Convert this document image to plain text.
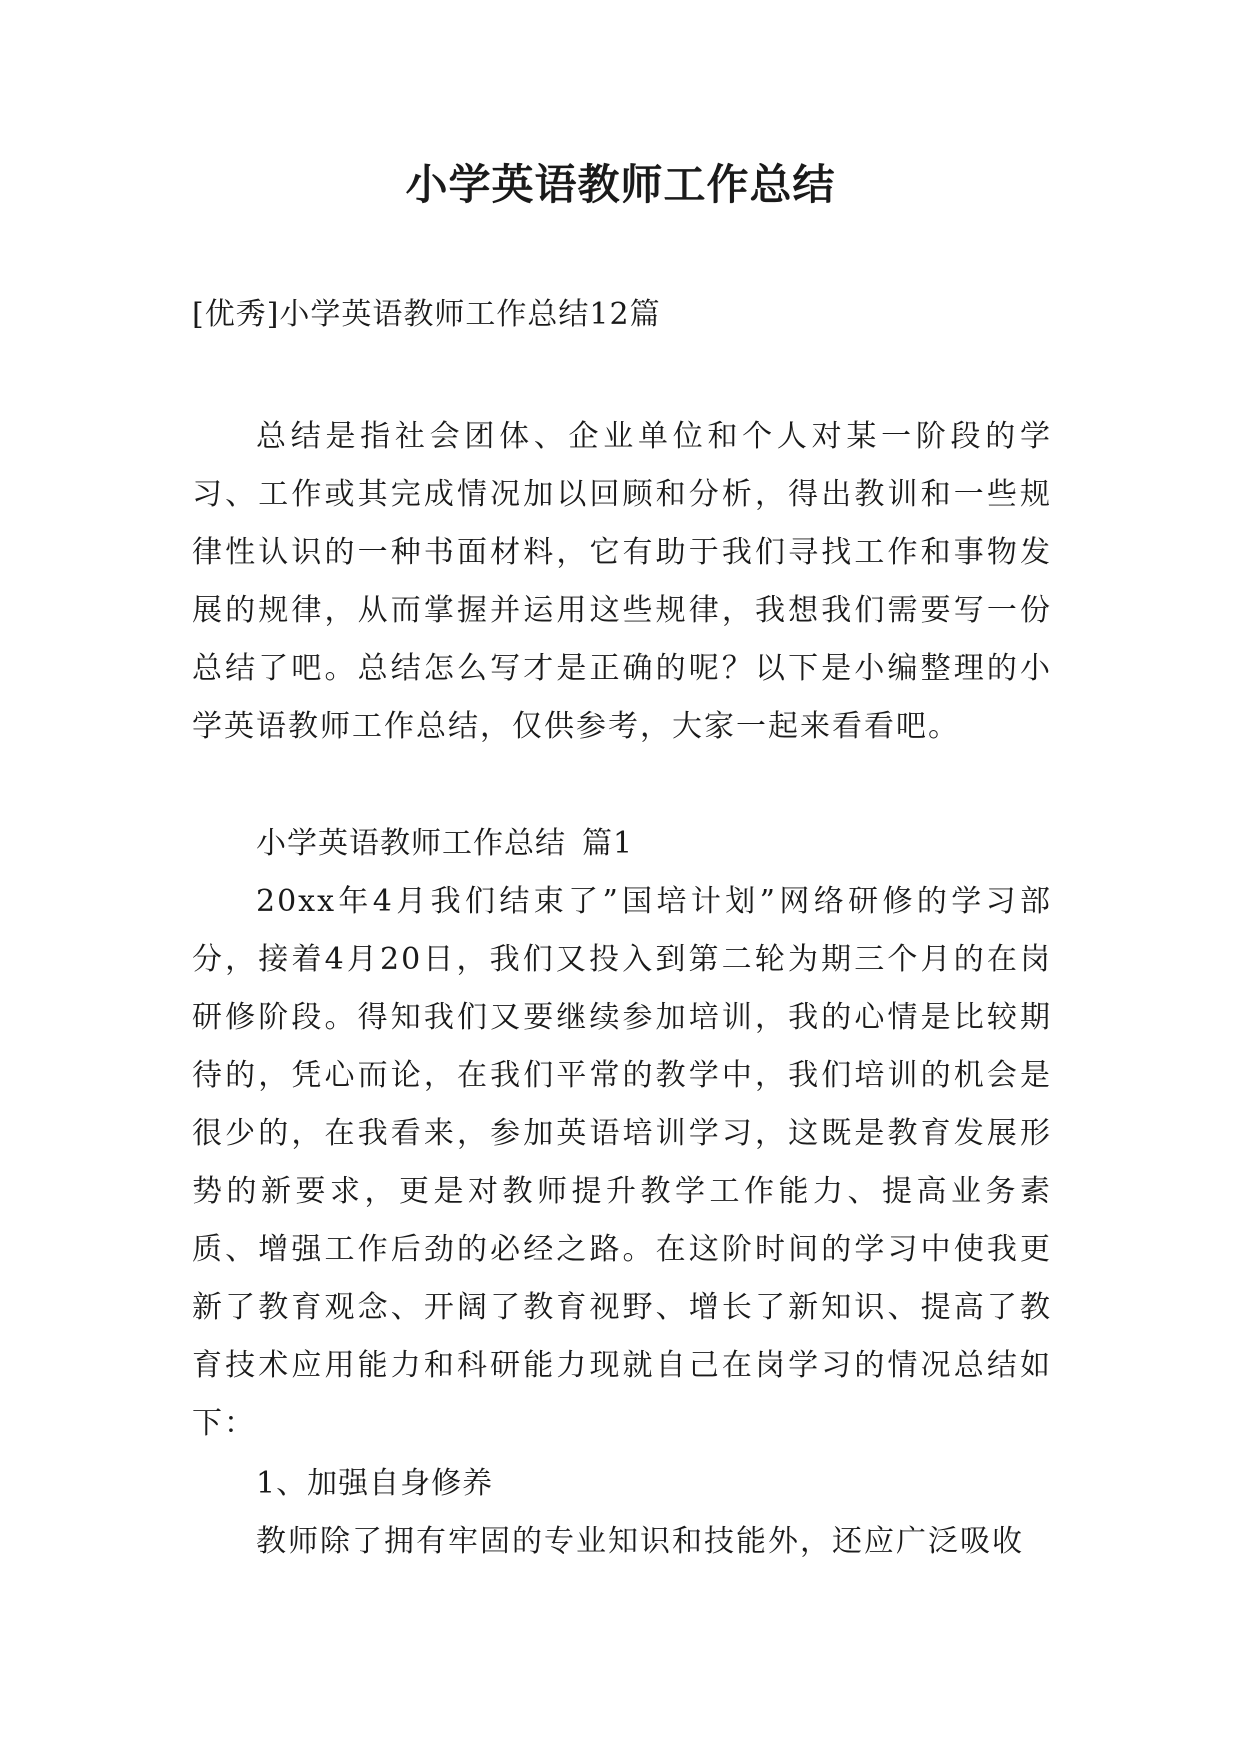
小学英语教师工作总结
[优秀]小学英语教师工作总结12篇
总结是指社会团体、企业单位和个人对某一阶段的学习、工作或其完成情况加以回顾和分析，得出教训和一些规律性认识的一种书面材料，它有助于我们寻找工作和事物发展的规律，从而掌握并运用这些规律，我想我们需要写一份总结了吧。总结怎么写才是正确的呢？以下是小编整理的小学英语教师工作总结，仅供参考，大家一起来看看吧。
小学英语教师工作总结 篇1
20xx年4月我们结束了”国培计划”网络研修的学习部分，接着4月20日，我们又投入到第二轮为期三个月的在岗研修阶段。得知我们又要继续参加培训，我的心情是比较期待的，凭心而论，在我们平常的教学中，我们培训的机会是很少的，在我看来，参加英语培训学习，这既是教育发展形势的新要求，更是对教师提升教学工作能力、提高业务素质、增强工作后劲的必经之路。在这阶时间的学习中使我更新了教育观念、开阔了教育视野、增长了新知识、提高了教育技术应用能力和科研能力现就自己在岗学习的情况总结如下：
1、加强自身修养
教师除了拥有牢固的专业知识和技能外，还应广泛吸收
